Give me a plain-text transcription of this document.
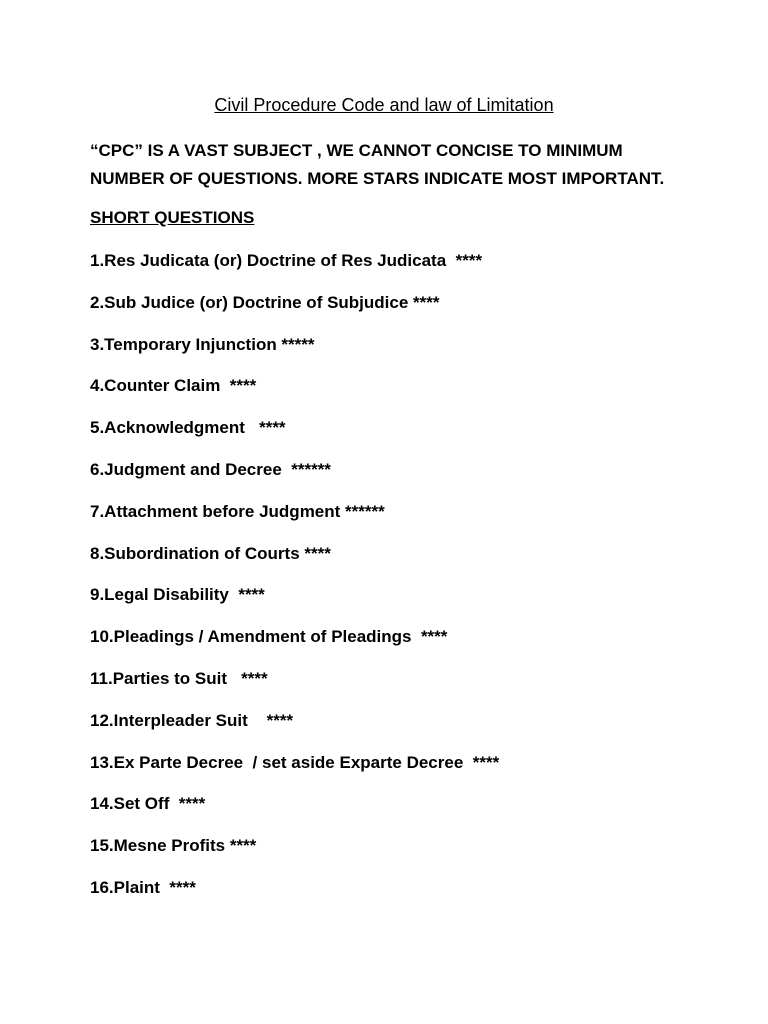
Civil Procedure Code and law of Limitation
“CPC” IS A VAST SUBJECT , WE CANNOT CONCISE TO MINIMUM
NUMBER OF QUESTIONS. MORE STARS INDICATE MOST IMPORTANT.
SHORT QUESTIONS
1.Res Judicata (or) Doctrine of Res Judicata  ****
2.Sub Judice (or) Doctrine of Subjudice ****
3.Temporary Injunction *****
4.Counter Claim  ****
5.Acknowledgment   ****
6.Judgment and Decree  ******
7.Attachment before Judgment ******
8.Subordination of Courts ****
9.Legal Disability  ****
10.Pleadings / Amendment of Pleadings  ****
11.Parties to Suit   ****
12.Interpleader Suit    ****
13.Ex Parte Decree  / set aside Exparte Decree  ****
14.Set Off  ****
15.Mesne Profits ****
16.Plaint  ****
